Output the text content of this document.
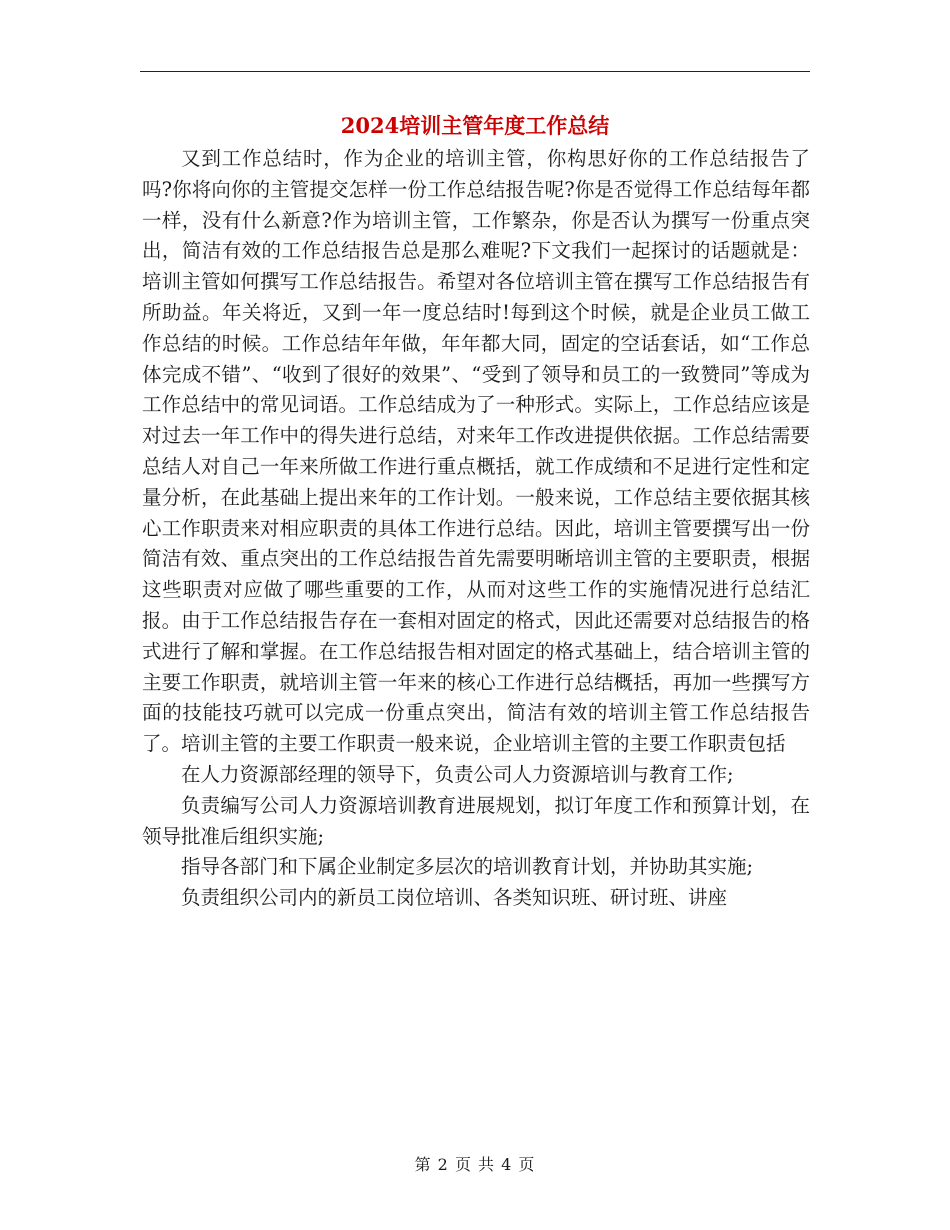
2024培训主管年度工作总结

又到工作总结时，作为企业的培训主管，你构思好你的工作总结报告了吗?你将向你的主管提交怎样一份工作总结报告呢?你是否觉得工作总结每年都一样，没有什么新意?作为培训主管，工作繁杂，你是否认为撰写一份重点突出，简洁有效的工作总结报告总是那么难呢?下文我们一起探讨的话题就是：培训主管如何撰写工作总结报告。希望对各位培训主管在撰写工作总结报告有所助益。年关将近，又到一年一度总结时!每到这个时候，就是企业员工做工作总结的时候。工作总结年年做，年年都大同，固定的空话套话，如“工作总体完成不错”、“收到了很好的效果”、“受到了领导和员工的一致赞同”等成为工作总结中的常见词语。工作总结成为了一种形式。实际上，工作总结应该是对过去一年工作中的得失进行总结，对来年工作改进提供依据。工作总结需要总结人对自己一年来所做工作进行重点概括，就工作成绩和不足进行定性和定量分析，在此基础上提出来年的工作计划。一般来说，工作总结主要依据其核心工作职责来对相应职责的具体工作进行总结。因此，培训主管要撰写出一份简洁有效、重点突出的工作总结报告首先需要明晰培训主管的主要职责，根据这些职责对应做了哪些重要的工作，从而对这些工作的实施情况进行总结汇报。由于工作总结报告存在一套相对固定的格式，因此还需要对总结报告的格式进行了解和掌握。在工作总结报告相对固定的格式基础上，结合培训主管的主要工作职责，就培训主管一年来的核心工作进行总结概括，再加一些撰写方面的技能技巧就可以完成一份重点突出，简洁有效的培训主管工作总结报告了。培训主管的主要工作职责一般来说，企业培训主管的主要工作职责包括

在人力资源部经理的领导下，负责公司人力资源培训与教育工作;

负责编写公司人力资源培训教育进展规划，拟订年度工作和预算计划，在领导批准后组织实施;

指导各部门和下属企业制定多层次的培训教育计划，并协助其实施;

负责组织公司内的新员工岗位培训、各类知识班、研讨班、讲座

第 2 页 共 4 页
